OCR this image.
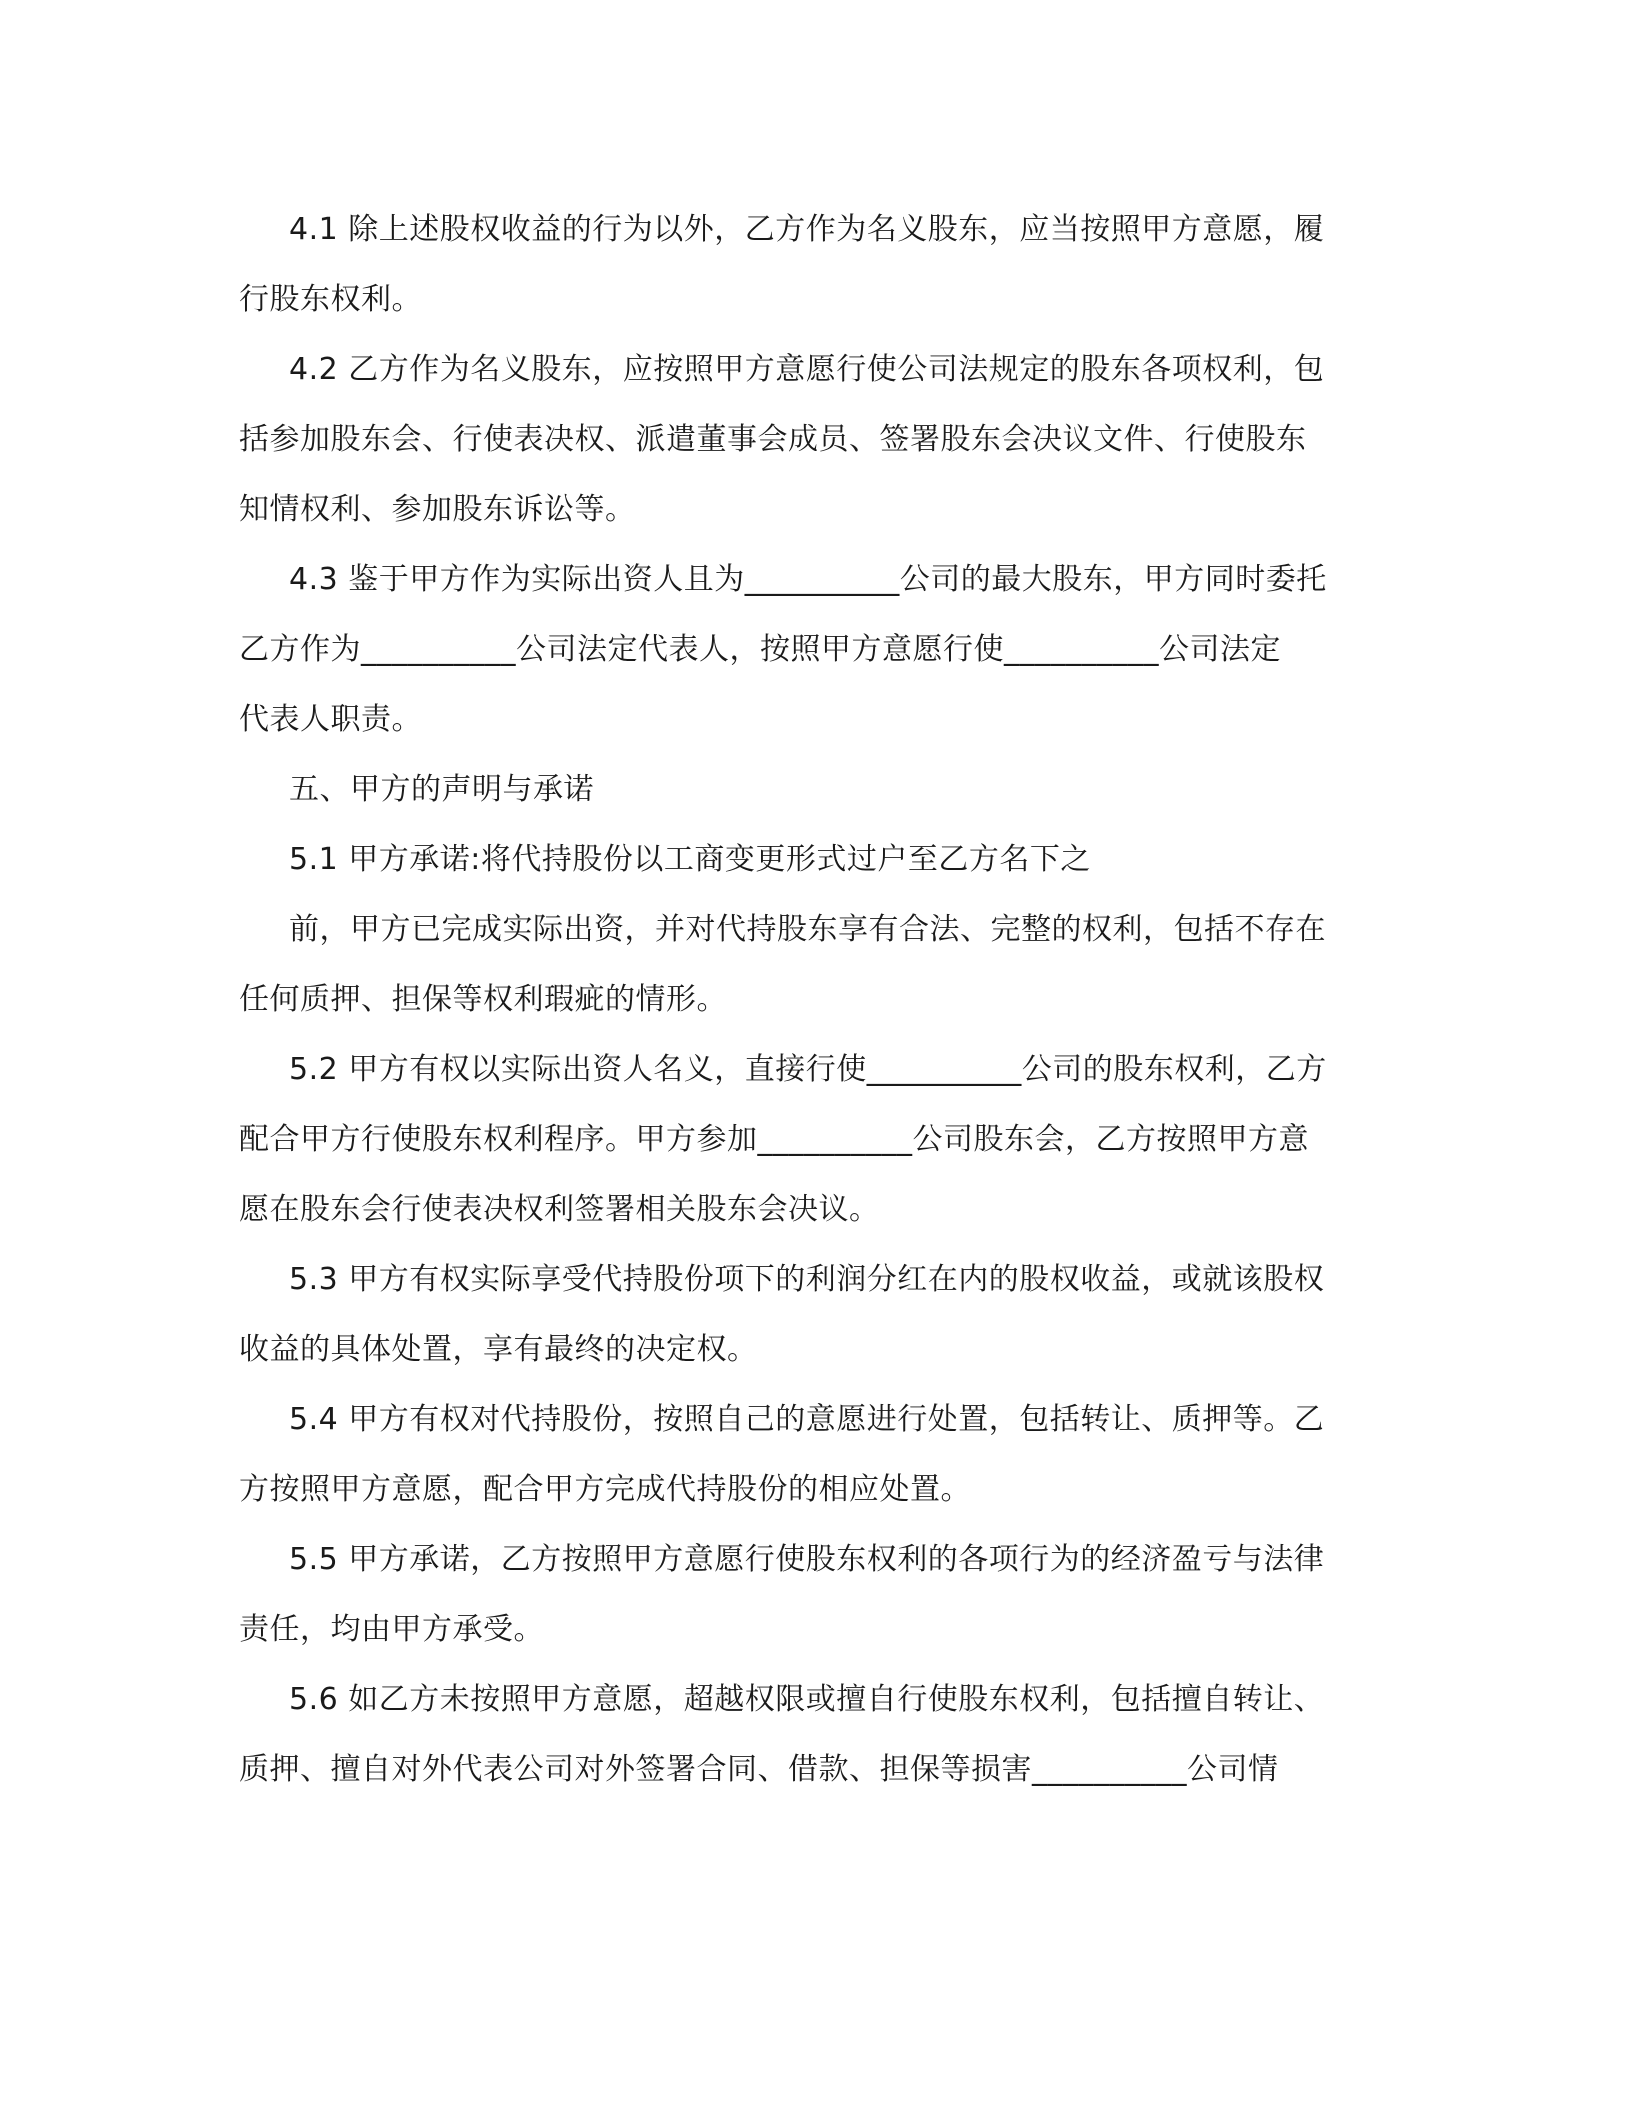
4.1 除上述股权收益的行为以外，乙方作为名义股东，应当按照甲方意愿，履
行股东权利。
4.2 乙方作为名义股东，应按照甲方意愿行使公司法规定的股东各项权利，包
括参加股东会、行使表决权、派遣董事会成员、签署股东会决议文件、行使股东
知情权利、参加股东诉讼等。
4.3 鉴于甲方作为实际出资人且为__________公司的最大股东，甲方同时委托
乙方作为__________公司法定代表人，按照甲方意愿行使__________公司法定
代表人职责。
五、甲方的声明与承诺
5.1 甲方承诺:将代持股份以工商变更形式过户至乙方名下之
前，甲方已完成实际出资，并对代持股东享有合法、完整的权利，包括不存在
任何质押、担保等权利瑕疵的情形。
5.2 甲方有权以实际出资人名义，直接行使__________公司的股东权利，乙方
配合甲方行使股东权利程序。甲方参加__________公司股东会，乙方按照甲方意
愿在股东会行使表决权利签署相关股东会决议。
5.3 甲方有权实际享受代持股份项下的利润分红在内的股权收益，或就该股权
收益的具体处置，享有最终的决定权。
5.4 甲方有权对代持股份，按照自己的意愿进行处置，包括转让、质押等。乙
方按照甲方意愿，配合甲方完成代持股份的相应处置。
5.5 甲方承诺，乙方按照甲方意愿行使股东权利的各项行为的经济盈亏与法律
责任，均由甲方承受。
5.6 如乙方未按照甲方意愿，超越权限或擅自行使股东权利，包括擅自转让、
质押、擅自对外代表公司对外签署合同、借款、担保等损害__________公司情
